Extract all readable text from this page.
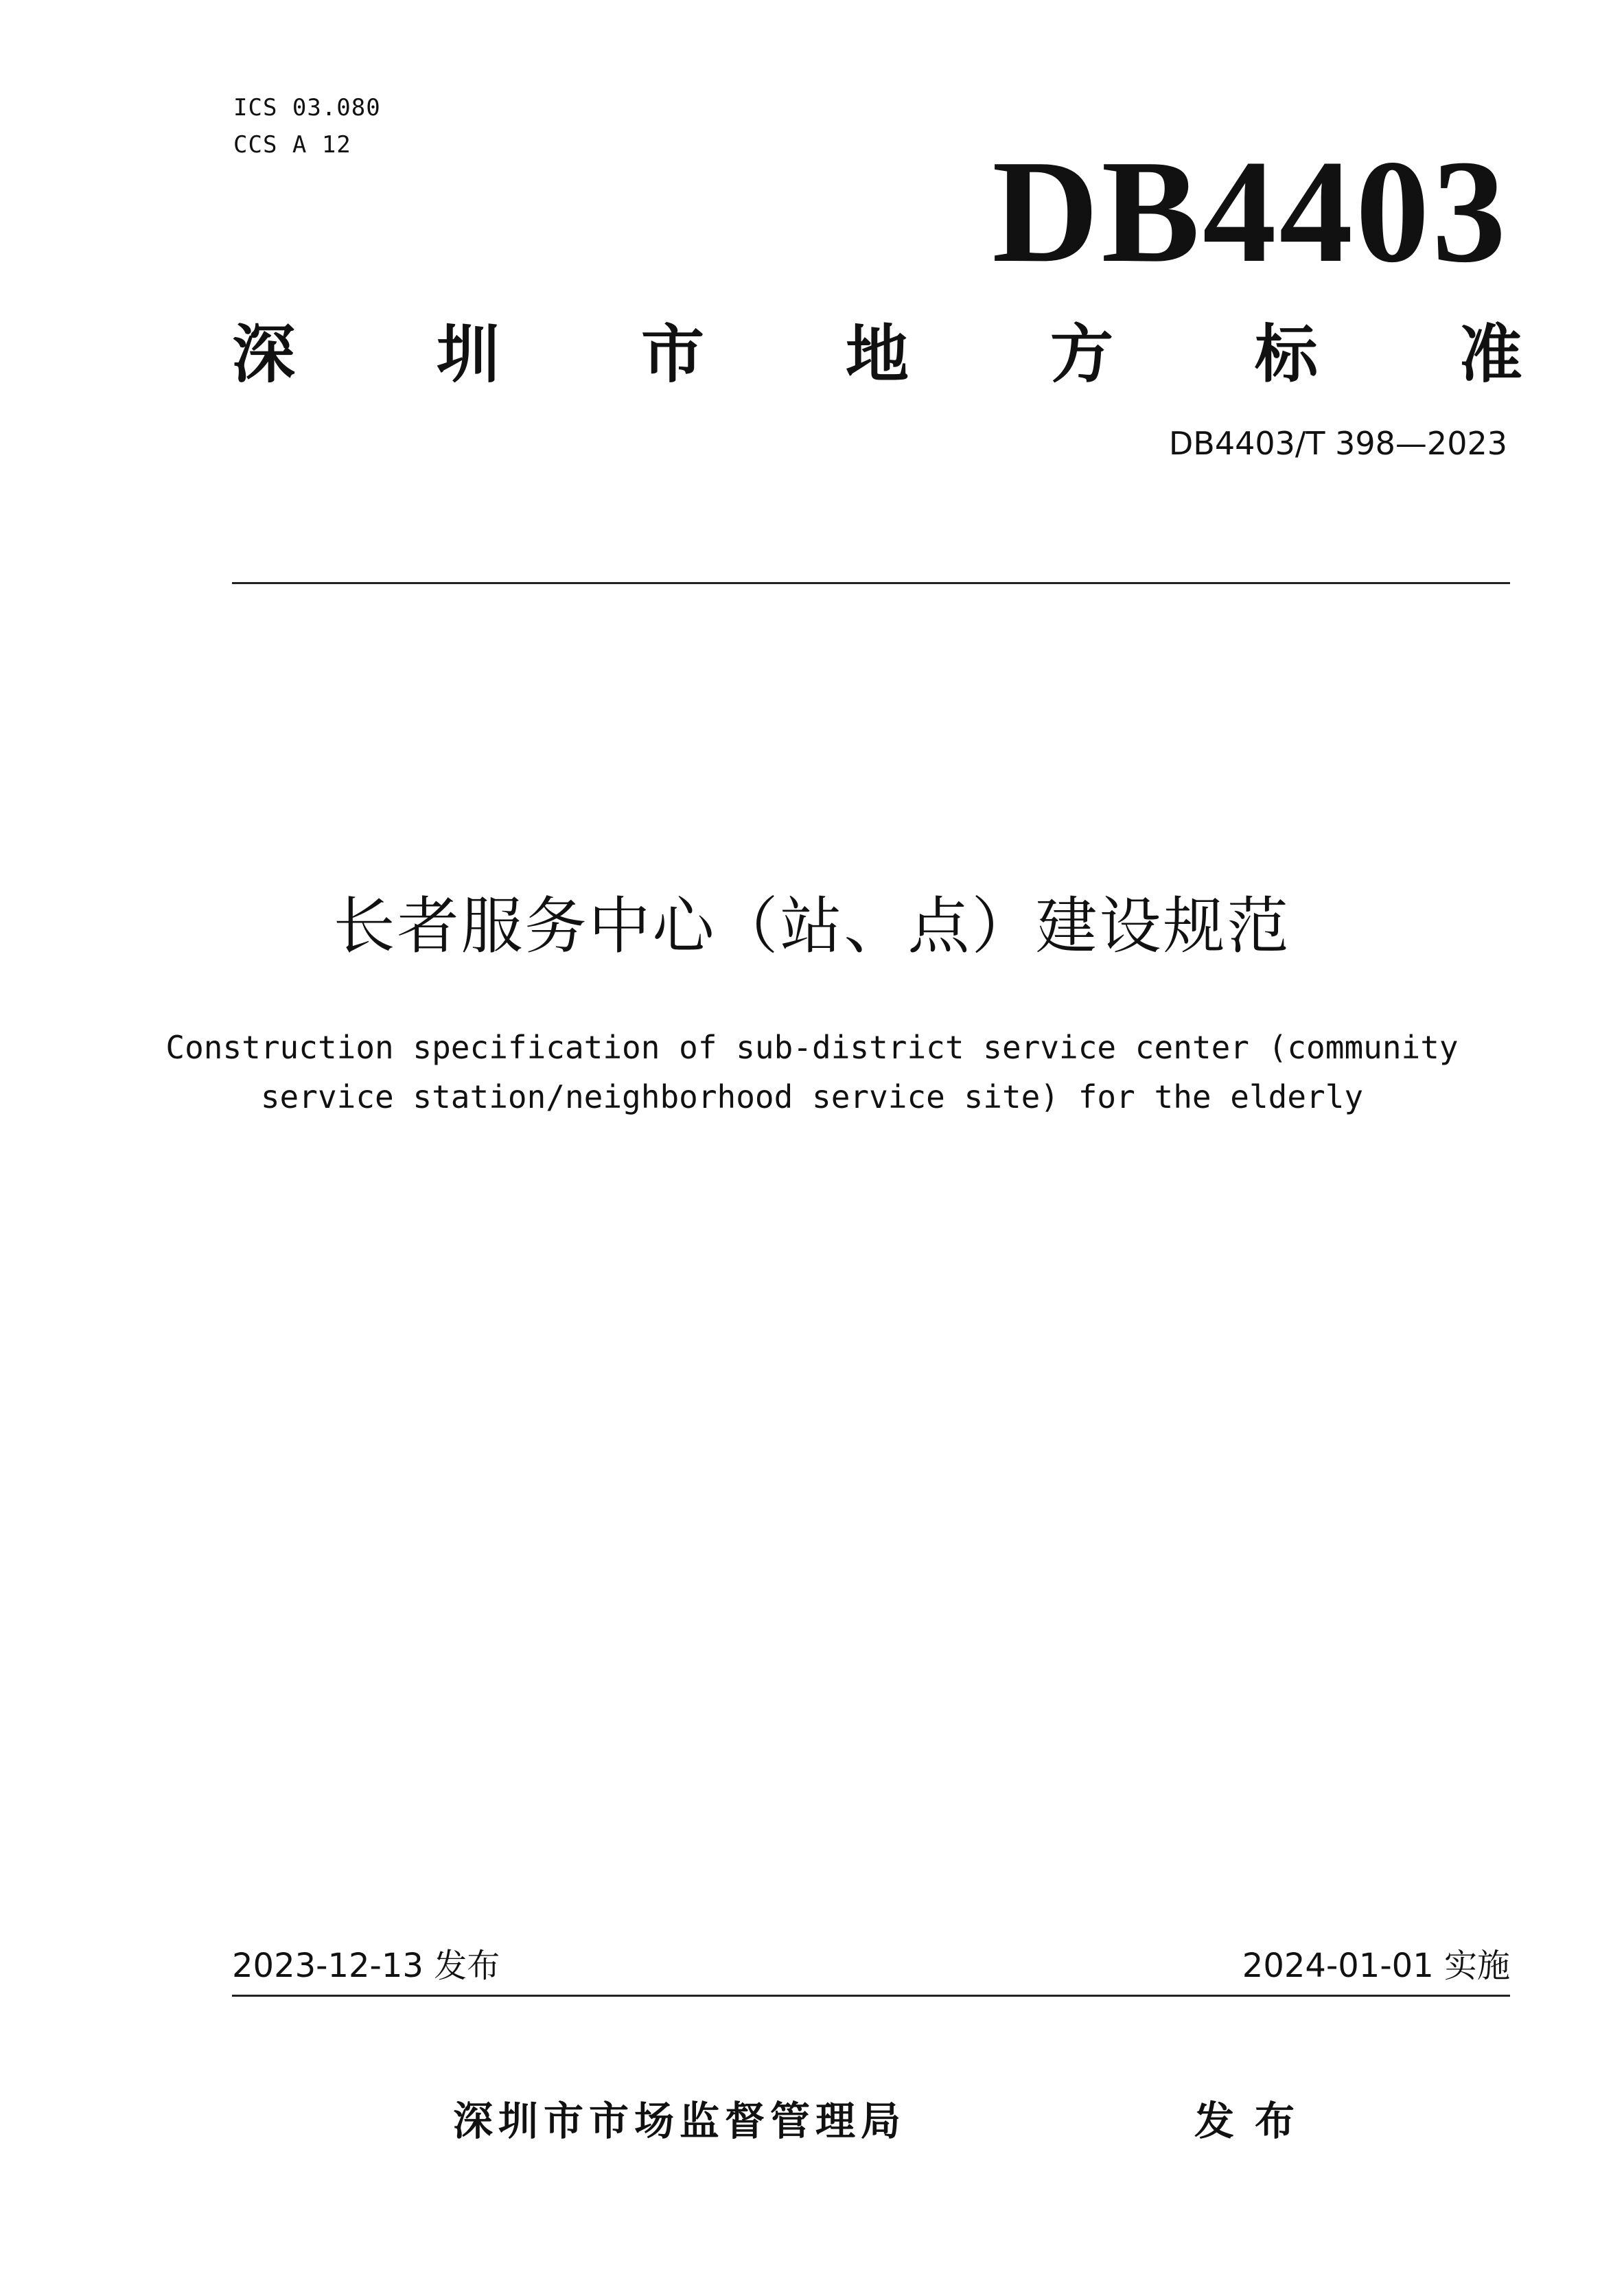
ICS 03.080
CCS A 12	DB4403
深 圳 市 地 方 标 准
DB4403/T 398—2023
长者服务中心（站、点）建设规范
Construction specification of sub-district service center (community
service station/neighborhood service site) for the elderly
2023-12-13 发布	2024-01-01 实施
深圳市市场监督管理局	发布
